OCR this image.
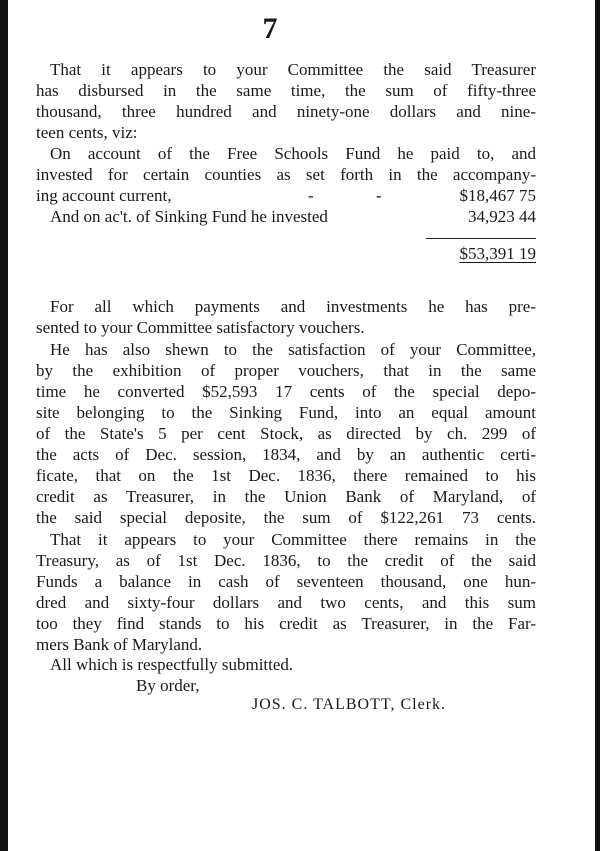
7
That it appears to your Committee the said Treasurer
has disbursed in the same time, the sum of fifty-three
thousand, three hundred and ninety-one dollars and nine-
teen cents, viz:
On account of the Free Schools Fund he paid to, and
invested for certain counties as set forth in the accompany-
ing account current,	-	-	$18,467 75
And on ac't. of Sinking Fund he invested	34,923 44
$53,391 19
For all which payments and investments he has pre-
sented to your Committee satisfactory vouchers.
He has also shewn to the satisfaction of your Committee,
by the exhibition of proper vouchers, that in the same
time he converted $52,593 17 cents of the special depo-
site belonging to the Sinking Fund, into an equal amount
of the State's 5 per cent Stock, as directed by ch. 299 of
the acts of Dec. session, 1834, and by an authentic certi-
ficate, that on the 1st Dec. 1836, there remained to his
credit as Treasurer, in the Union Bank of Maryland, of
the said special deposite, the sum of $122,261 73 cents.
That it appears to your Committee there remains in the
Treasury, as of 1st Dec. 1836, to the credit of the said
Funds a balance in cash of seventeen thousand, one hun-
dred and sixty-four dollars and two cents, and this sum
too they find stands to his credit as Treasurer, in the Far-
mers Bank of Maryland.
All which is respectfully submitted.
By order,
JOS. C. TALBOTT, Clerk.
